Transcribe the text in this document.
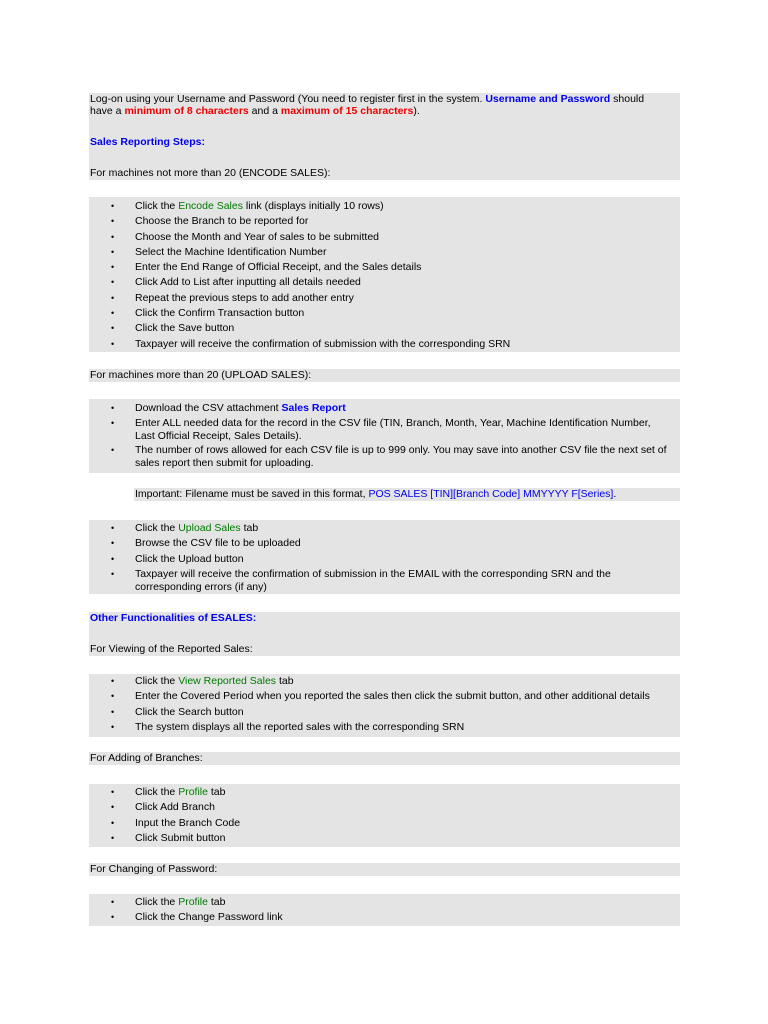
Log-on using your Username and Password (You need to register first in the system. Username and Password should
have a minimum of 8 characters and a maximum of 15 characters).
Sales Reporting Steps:
For machines not more than 20 (ENCODE SALES):
• Click the Encode Sales link (displays initially 10 rows)
• Choose the Branch to be reported for
• Choose the Month and Year of sales to be submitted
• Select the Machine Identification Number
• Enter the End Range of Official Receipt, and the Sales details
• Click Add to List after inputting all details needed
• Repeat the previous steps to add another entry
• Click the Confirm Transaction button
• Click the Save button
• Taxpayer will receive the confirmation of submission with the corresponding SRN
For machines more than 20 (UPLOAD SALES):
• Download the CSV attachment Sales Report
• Enter ALL needed data for the record in the CSV file (TIN, Branch, Month, Year, Machine Identification Number,
Last Official Receipt, Sales Details).
• The number of rows allowed for each CSV file is up to 999 only. You may save into another CSV file the next set of
sales report then submit for uploading.
Important: Filename must be saved in this format, POS SALES [TIN][Branch Code] MMYYYY F[Series].
• Click the Upload Sales tab
• Browse the CSV file to be uploaded
• Click the Upload button
• Taxpayer will receive the confirmation of submission in the EMAIL with the corresponding SRN and the
corresponding errors (if any)
Other Functionalities of ESALES:
For Viewing of the Reported Sales:
• Click the View Reported Sales tab
• Enter the Covered Period when you reported the sales then click the submit button, and other additional details
• Click the Search button
• The system displays all the reported sales with the corresponding SRN
For Adding of Branches:
• Click the Profile tab
• Click Add Branch
• Input the Branch Code
• Click Submit button
For Changing of Password:
• Click the Profile tab
• Click the Change Password link
